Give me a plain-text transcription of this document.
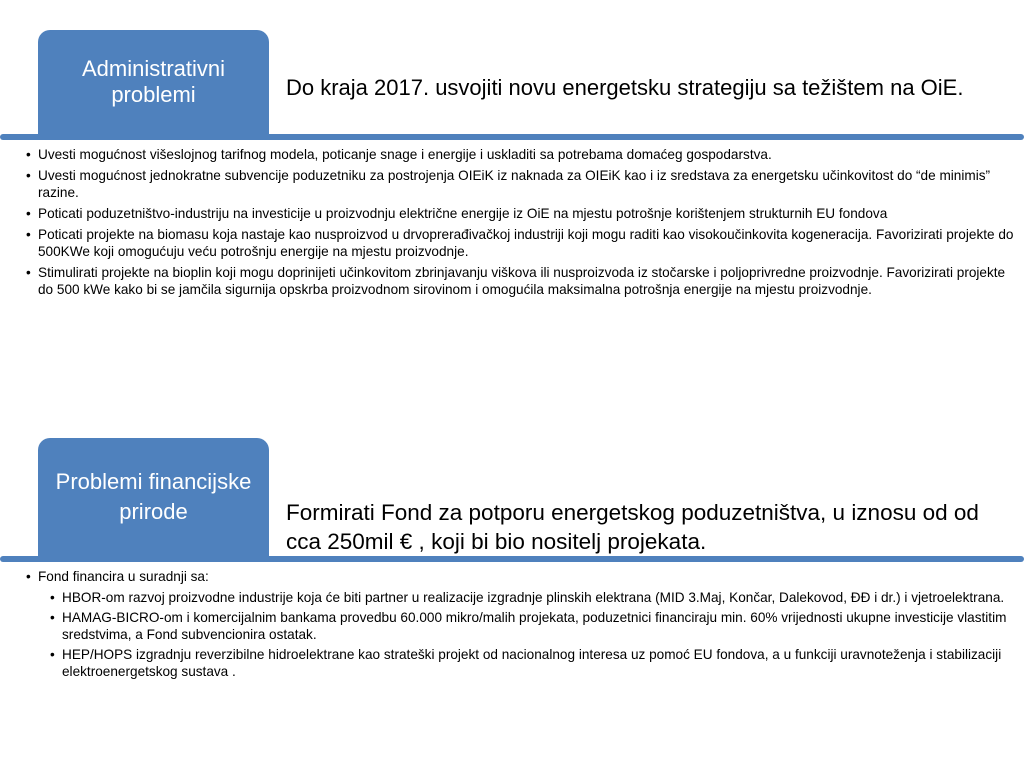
Administrativni problemi	Do kraja 2017. usvojiti novu energetsku strategiju sa težištem na OiE.
• Uvesti mogućnost višeslojnog tarifnog modela, poticanje snage i energije i uskladiti sa potrebama domaćeg gospodarstva.
• Uvesti mogućnost jednokratne subvencije poduzetniku za postrojenja OIEiK iz naknada za OIEiK kao i iz sredstava za energetsku učinkovitost do “de minimis” razine.
• Poticati poduzetništvo-industriju na investicije u proizvodnju električne energije iz OiE na mjestu potrošnje korištenjem strukturnih EU fondova
• Poticati projekte na biomasu koja nastaje kao nusproizvod u drvoprerađivačkoj industriji koji mogu raditi kao visokoučinkovita kogeneracija. Favorizirati projekte do 500KWe koji omogućuju veću potrošnju energije na mjestu proizvodnje.
• Stimulirati projekte na bioplin koji mogu doprinijeti učinkovitom zbrinjavanju viškova ili nusproizvoda iz stočarske i poljoprivredne proizvodnje. Favorizirati projekte do 500 kWe kako bi se jamčila sigurnija opskrba proizvodnom sirovinom i omogućila maksimalna potrošnja energije na mjestu proizvodnje.
Problemi financijske prirode	Formirati Fond za potporu energetskog poduzetništva, u iznosu od od cca 250mil € , koji bi bio nositelj projekata.
• Fond financira u suradnji sa:
• HBOR-om razvoj proizvodne industrije koja će biti partner u realizacije izgradnje plinskih elektrana (MID 3.Maj, Končar, Dalekovod, ĐĐ i dr.) i vjetroelektrana.
• HAMAG-BICRO-om i komercijalnim bankama provedbu 60.000 mikro/malih projekata, poduzetnici financiraju min. 60% vrijednosti ukupne investicije vlastitim sredstvima, a Fond subvencionira ostatak.
• HEP/HOPS izgradnju reverzibilne hidroelektrane kao strateški projekt od nacionalnog interesa uz pomoć EU fondova, a u funkciji uravnoteženja i stabilizaciji elektroenergetskog sustava .
